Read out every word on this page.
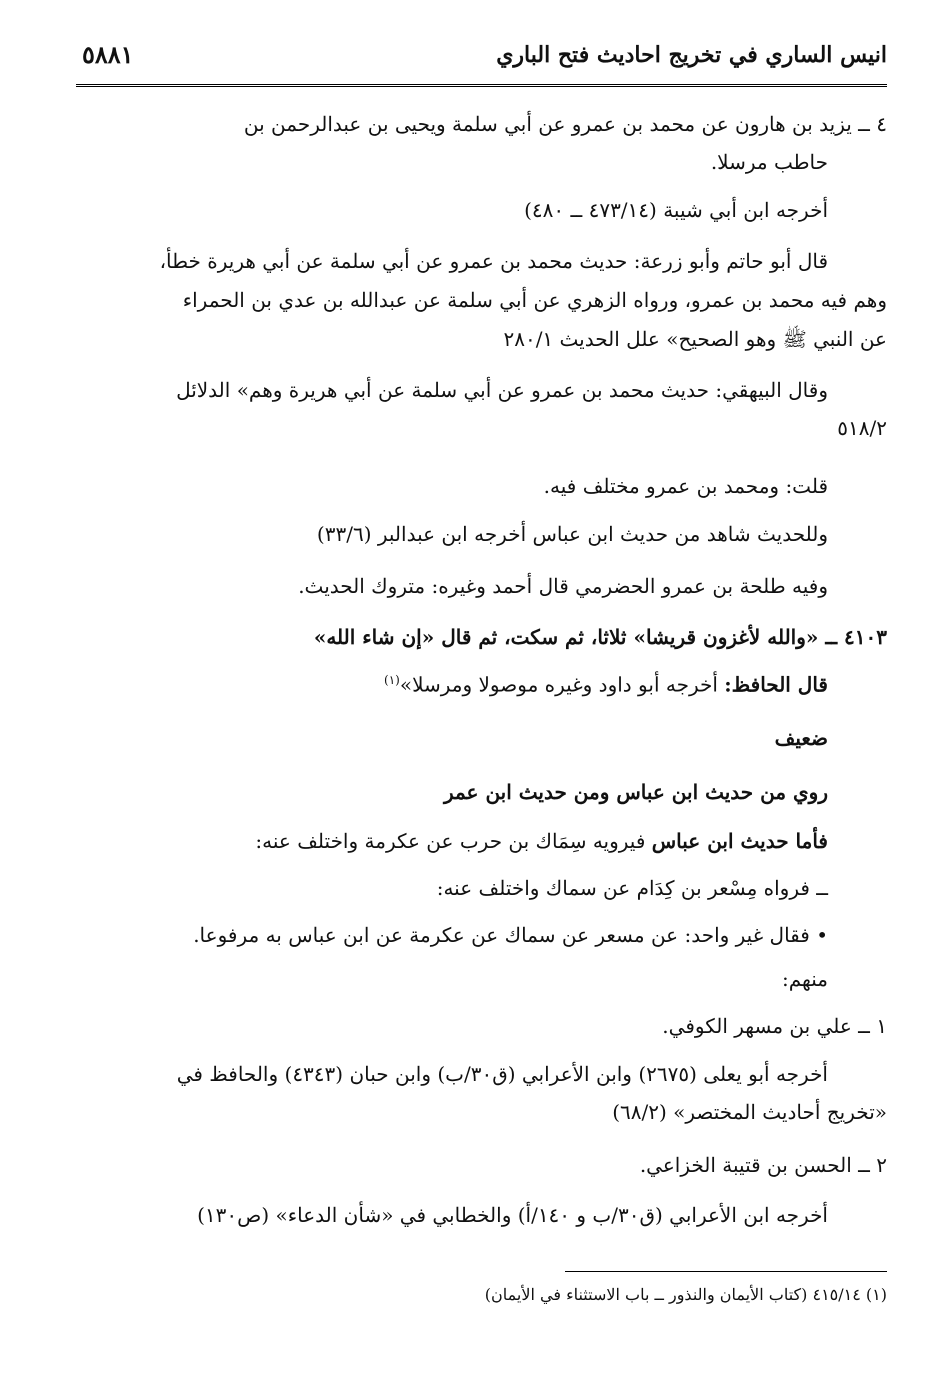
انيس الساري في تخريج احاديث فتح الباري
٥٨٨١
٤ ــ يزيد بن هارون عن محمد بن عمرو عن أبي سلمة ويحيى بن عبدالرحمن بن
حاطب مرسلا.
أخرجه ابن أبي شيبة (٤٧٣/١٤ ــ ٤٨٠)
قال أبو حاتم وأبو زرعة: حديث محمد بن عمرو عن أبي سلمة عن أبي هريرة خطأ،
وهم فيه محمد بن عمرو، ورواه الزهري عن أبي سلمة عن عبدالله بن عدي بن الحمراء
عن النبي ﷺ وهو الصحيح» علل الحديث ٢٨٠/١
وقال البيهقي: حديث محمد بن عمرو عن أبي سلمة عن أبي هريرة وهم» الدلائل
٥١٨/٢
قلت: ومحمد بن عمرو مختلف فيه.
وللحديث شاهد من حديث ابن عباس أخرجه ابن عبدالبر (٣٣/٦)
وفيه طلحة بن عمرو الحضرمي قال أحمد وغيره: متروك الحديث.
٤١٠٣ ــ «والله لأغزون قريشا» ثلاثا، ثم سكت، ثم قال «إن شاء الله»
قال الحافظ: أخرجه أبو داود وغيره موصولا ومرسلا»$^{(١)}$
ضعيف
روي من حديث ابن عباس ومن حديث ابن عمر
فأما حديث ابن عباس فيرويه سِمَاك بن حرب عن عكرمة واختلف عنه:
ــ فرواه مِسْعر بن كِدَام عن سماك واختلف عنه:
• فقال غير واحد: عن مسعر عن سماك عن عكرمة عن ابن عباس به مرفوعا.
منهم:
١ ــ علي بن مسهر الكوفي.
أخرجه أبو يعلى (٢٦٧٥) وابن الأعرابي (ق٣٠/ب) وابن حبان (٤٣٤٣) والحافظ في
«تخريج أحاديث المختصر» (٦٨/٢)
٢ ــ الحسن بن قتيبة الخزاعي.
أخرجه ابن الأعرابي (ق٣٠/ب و ١٤٠/أ) والخطابي في «شأن الدعاء» (ص١٣٠)
(١) ٤١٥/١٤ (كتاب الأيمان والنذور ــ باب الاستثناء في الأيمان)
